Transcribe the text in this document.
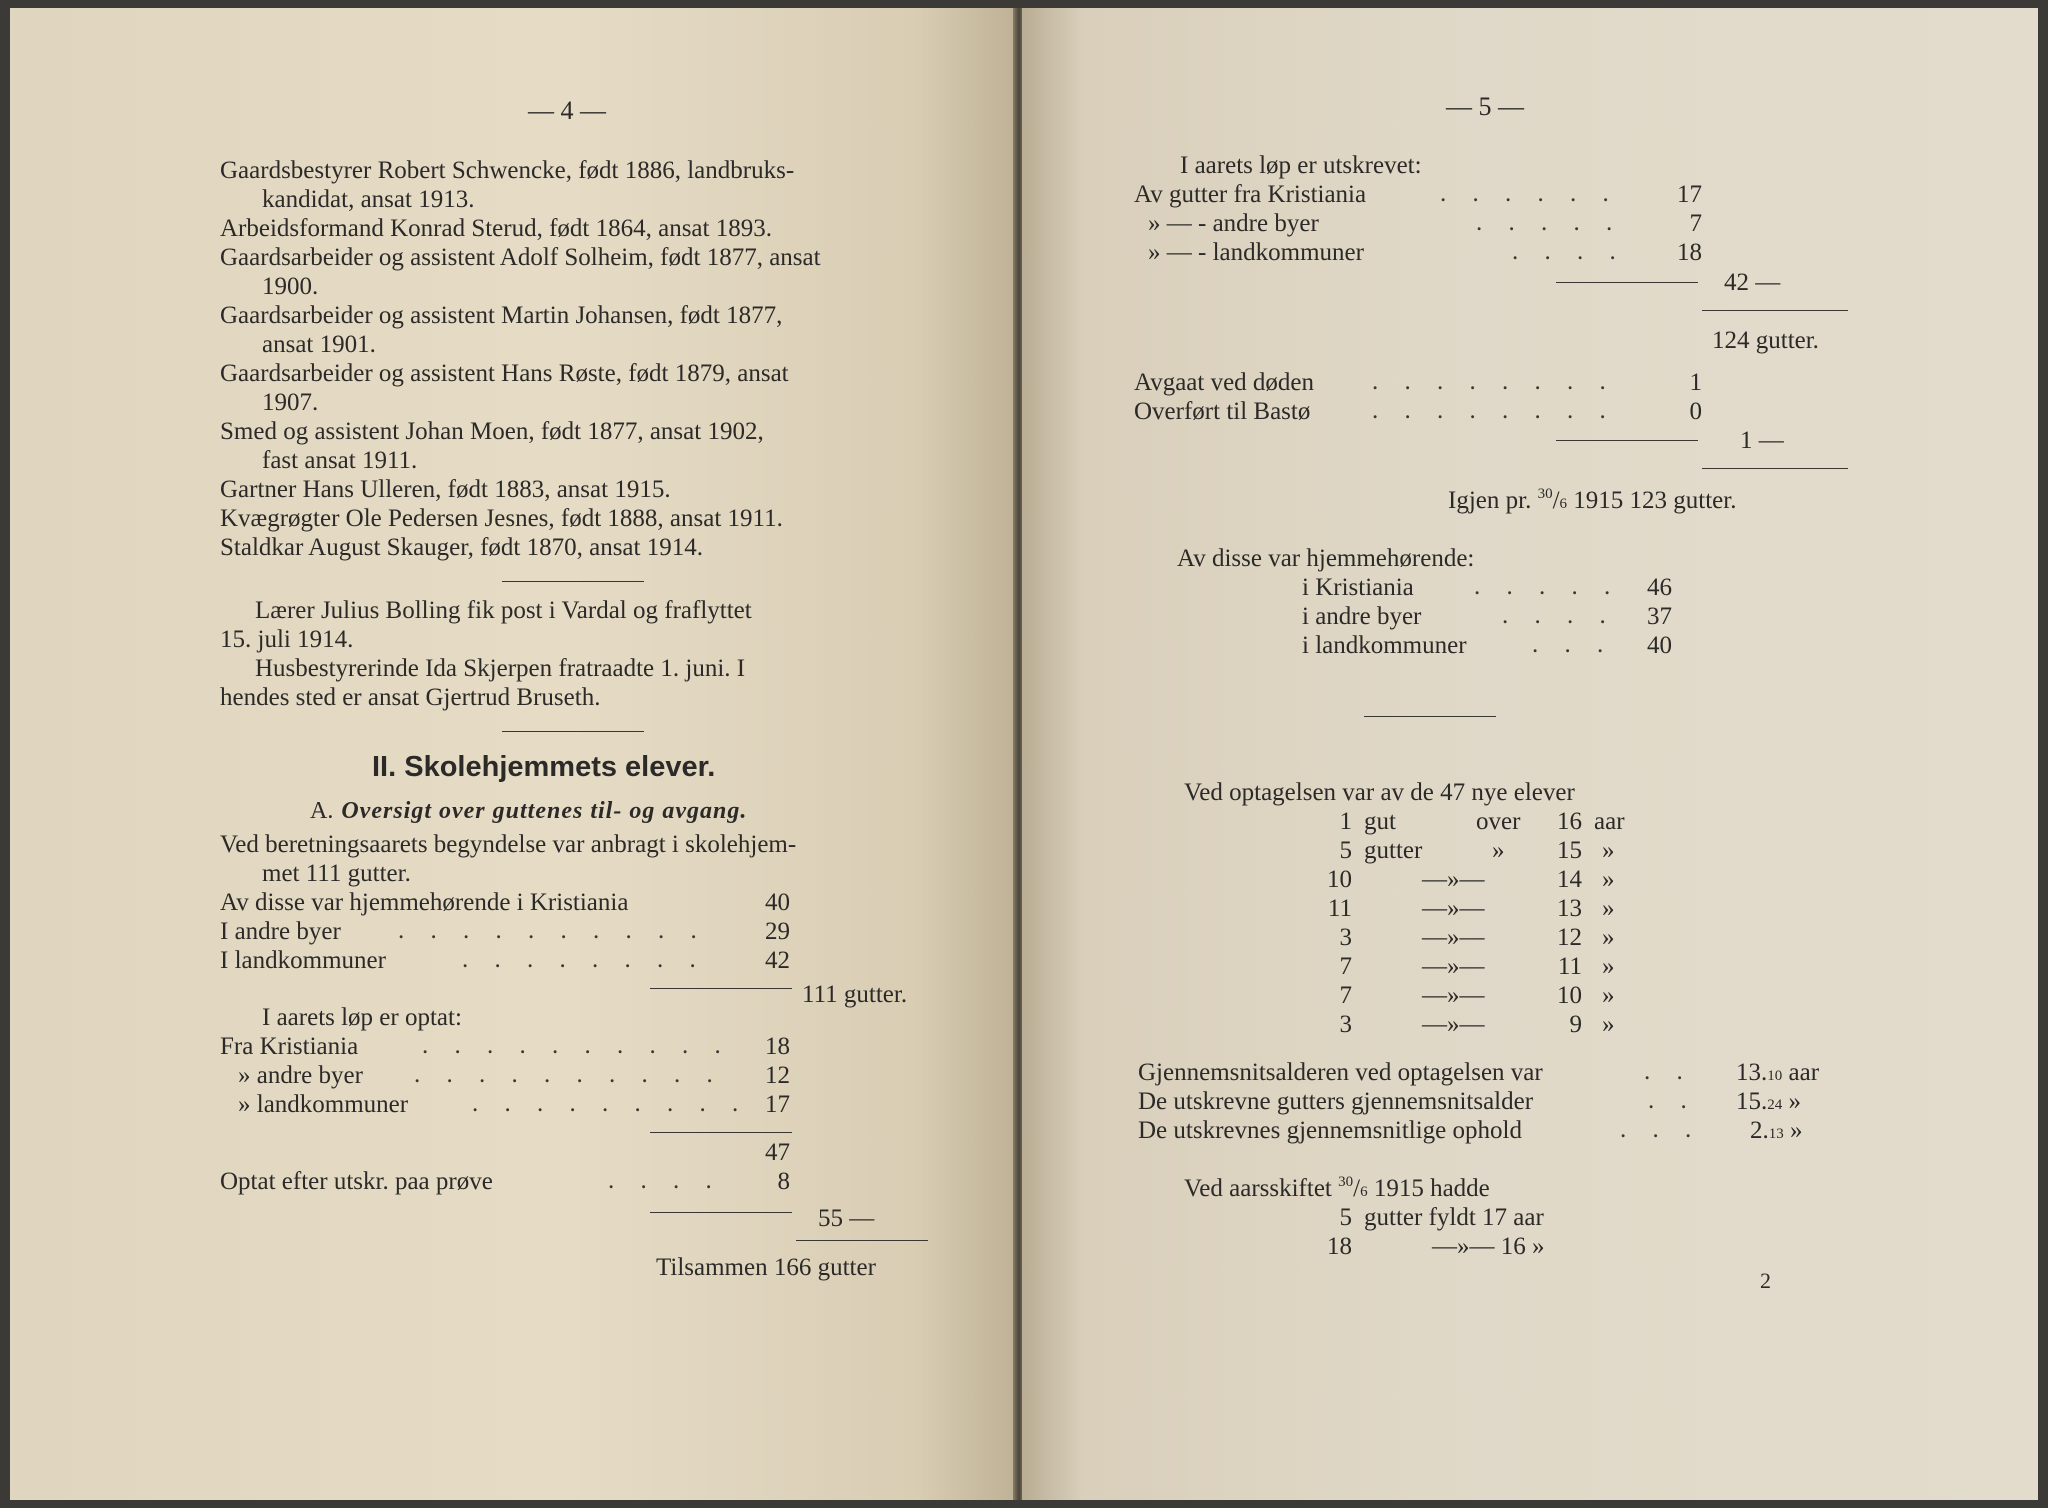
— 4 —
Gaardsbestyrer Robert Schwencke, født 1886, landbruks-
kandidat, ansat 1913.
Arbeidsformand Konrad Sterud, født 1864, ansat 1893.
Gaardsarbeider og assistent Adolf Solheim, født 1877, ansat
1900.
Gaardsarbeider og assistent Martin Johansen, født 1877,
ansat 1901.
Gaardsarbeider og assistent Hans Røste, født 1879, ansat
1907.
Smed og assistent Johan Moen, født 1877, ansat 1902,
fast ansat 1911.
Gartner Hans Ulleren, født 1883, ansat 1915.
Kvægrøgter Ole Pedersen Jesnes, født 1888, ansat 1911.
Staldkar August Skauger, født 1870, ansat 1914.
Lærer Julius Bolling fik post i Vardal og fraflyttet
15. juli 1914.
Husbestyrerinde Ida Skjerpen fratraadte 1. juni. I
hendes sted er ansat Gjertrud Bruseth.
II. Skolehjemmets elever.
A. Oversigt over guttenes til- og avgang.
Ved beretningsaarets begyndelse var anbragt i skolehjem-
met 111 gutter.
Av disse var hjemmehørende i Kristiania	40
I andre byer . . . . . . . . . .	29
I landkommuner	. . . . . . . .	42
111 gutter.
I aarets løp er optat:
Fra Kristiania	. . . . . . . . . .	18
» andre byer . . . . . . . . . .	12
» landkommuner	. . . . . . . . . 17
47
Optat efter utskr. paa prøve	. . . .	8
55 —
Tilsammen 166 gutter
— 5 —
I aarets løp er utskrevet:
Av gutter fra Kristiania	. . . . . .	17
» — - andre byer	. . . . .	7
» — - landkommuner	. . . .	18
42 —
124 gutter.
Avgaat ved døden . . . . . . . .	1
Overført til Bastø . . . . . . . .	0
1 —
Igjen pr. $^{30}$/6 1915 123 gutter.
Av disse var hjemmehørende:
i Kristiania . . . . .	46
i andre byer	. . . .	37
i landkommuner	. . .	40
Ved optagelsen var av de 47 nye elever
1 gut	over	16 aar
5 gutter	»	15 »
10	—»—	14 »
11	—»—	13 »
3	—»—	12 »
7	—»—	11 »
7	—»—	10 »
3	—»—	9 »
Gjennemsnitsalderen ved optagelsen var	. . 13.10 aar
De utskrevne gutters gjennemsnitsalder	. . 15.24 »
De utskrevnes gjennemsnitlige ophold	. . . 2.13 »
Ved aarsskiftet $^{30}$/6 1915 hadde
5 gutter fyldt 17 aar
18	—»— 16 »
2
